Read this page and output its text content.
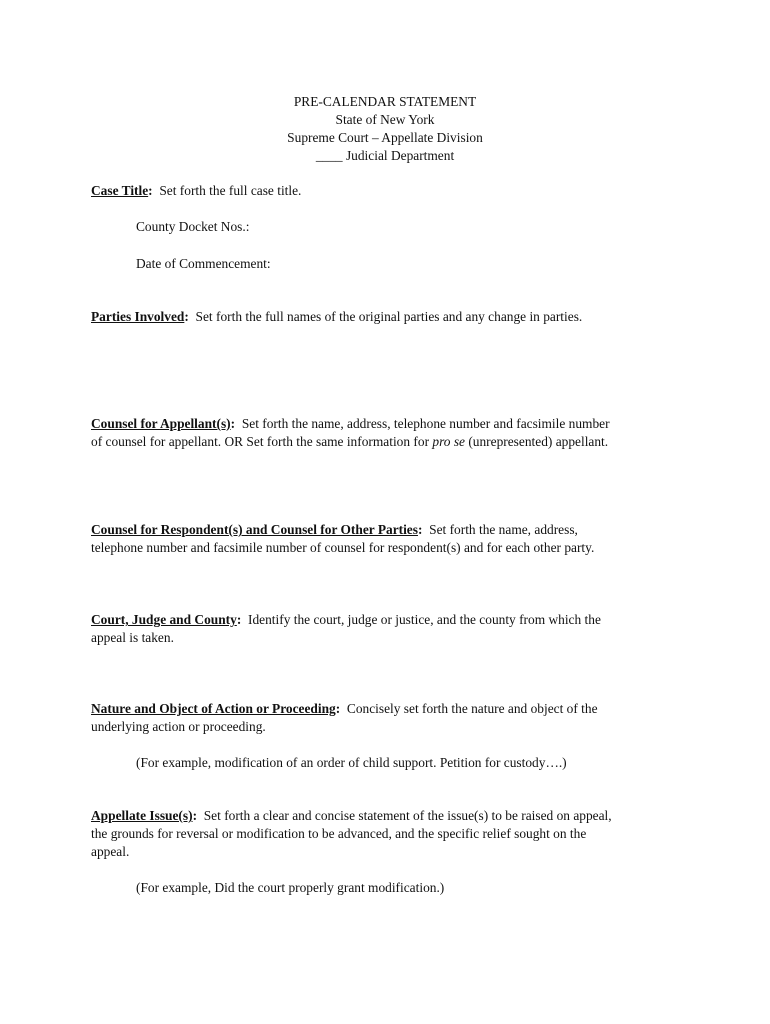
PRE-CALENDAR STATEMENT
State of New York
Supreme Court – Appellate Division
____ Judicial Department
Case Title: Set forth the full case title.
County Docket Nos.:
Date of Commencement:
Parties Involved: Set forth the full names of the original parties and any change in parties.
Counsel for Appellant(s): Set forth the name, address, telephone number and facsimile number
of counsel for appellant. OR Set forth the same information for pro se (unrepresented) appellant.
Counsel for Respondent(s) and Counsel for Other Parties: Set forth the name, address,
telephone number and facsimile number of counsel for respondent(s) and for each other party.
Court, Judge and County: Identify the court, judge or justice, and the county from which the
appeal is taken.
Nature and Object of Action or Proceeding: Concisely set forth the nature and object of the
underlying action or proceeding.
(For example, modification of an order of child support. Petition for custody….)
Appellate Issue(s): Set forth a clear and concise statement of the issue(s) to be raised on appeal,
the grounds for reversal or modification to be advanced, and the specific relief sought on the
appeal.
(For example, Did the court properly grant modification.)
